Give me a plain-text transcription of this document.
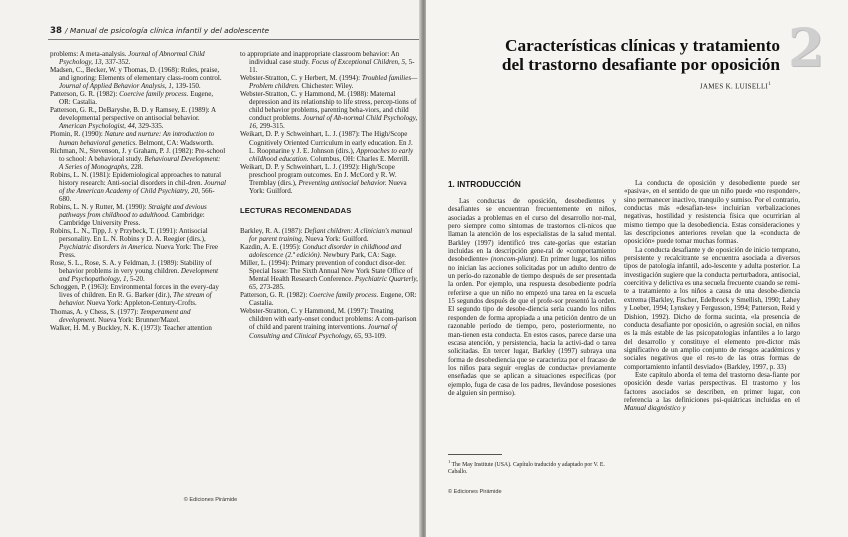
38 / Manual de psicología clínica infantil y del adolescente

problems: A meta-analysis. Journal of Abnormal Child Psychology, 13, 337-352.

Madsen, C., Becker, W. y Thomas, D. (1968): Rules, praise, and ignoring: Elements of elementary class-room control. Journal of Applied Behavior Analysis, 1, 139-150.

Patterson, G. R. (1982): Coercive family process. Eugene, OR: Castalia.

Patterson, G. R., DeBaryshe, B. D. y Ramsey, E. (1989): A developmental perspective on antisocial behavior. American Psychologist, 44, 329-335.

Plomin, R. (1990): Nature and nurture: An introduction to human behavioral genetics. Belmont, CA: Wadsworth.

Richman, N., Stevenson, J. y Graham, P. J. (1982): Pre-school to school: A behavioral study. Behavioural Development: A Series of Monographs, 228.

Robins, L. N. (1981): Epidemiological approaches to natural history research: Anti-social disorders in chil-dren. Journal of the American Academy of Child Psychiatry, 20, 566-680.

Robins, L. N. y Rutter, M. (1990): Straight and devious pathways from childhood to adulthood. Cambridge: Cambridge University Press.

Robins, L. N., Tipp, J. y Przybeck, T. (1991): Antisocial personality. En L. N. Robins y D. A. Reegier (dirs.), Psychiatric disorders in America. Nueva York: The Free Press.

Rose, S. L., Rose, S. A. y Feldman, J. (1989): Stability of behavior problems in very young children. Development and Psychopathology, 1, 5-20.

Schoggen, P. (1963): Environmental forces in the every-day lives of children. En R. G. Barker (dir.), The stream of behavior. Nueva York: Appleton-Century-Crofts.

Thomas, A. y Chess, S. (1977): Temperament and development. Nueva York: Brunner/Mazel.

Walker, H. M. y Buckley, N. K. (1973): Teacher attention

to appropriate and inappropriate classroom behavior: An individual case study. Focus of Exceptional Children, 5, 5-11.

Webster-Stratton, C. y Herbert, M. (1994): Troubled families—Problem children. Chichester: Wiley.

Webster-Stratton, C. y Hammond, M. (1988): Maternal depression and its relationship to life stress, percep-tions of child behavior problems, parenting beha-viors, and child conduct problems. Journal of Ab-normal Child Psychology, 16, 299-315.

Weikart, D. P. y Schweinhart, L. J. (1987): The High/Scope Cognitively Oriented Curriculum in early education. En J. L. Roopnarine y J. E. Johnson (dirs.), Approaches to early childhood education. Columbus, OH: Charles E. Merrill.

Weikart, D. P. y Schweinhart, L. J. (1992): High/Scope preschool program outcomes. En J. McCord y R. W. Tremblay (dirs.), Preventing antisocial behavior. Nueva York: Guilford.

LECTURAS RECOMENDADAS

Barkley, R. A. (1987): Defiant children: A clinician's manual for parent training, Nueva York: Guilford.

Kazdin, A. E. (1995): Conduct disorder in childhood and adolescence (2.ª edición). Newbury Park, CA: Sage.

Miller, L. (1994): Primary prevention of conduct disor-der. Special Issue: The Sixth Annual New York State Office of Mental Health Research Conference. Psychiatric Quarterly, 65, 273-285.

Patterson, G. R. (1982): Coercive family process. Eugene, OR: Castalia.

Webster-Stratton, C. y Hammond, M. (1997): Treating children with early-onset conduct problems: A com-parison of child and parent training interventions. Journal of Consulting and Clinical Psychology, 65, 93-109.

© Ediciones Pirámide
Características clínicas y tratamiento
del trastorno desafiante por oposición 2
JAMES K. LUISELLI$^1$
1. INTRODUCCIÓN

Las conductas de oposición, desobedientes y desafiantes se encuentran frecuentemente en niños, asociadas a problemas en el curso del desarrollo nor-mal, pero siempre como síntomas de trastornos clí-nicos que llaman la atención de los especialistas de la salud mental. Barkley (1997) identificó tres cate-gorías que estarían incluidas en la descripción gene-ral de «comportamiento desobediente» (noncom-pliant). En primer lugar, los niños no inician las acciones solicitadas por un adulto dentro de un perío-do razonable de tiempo después de ser presentada la orden. Por ejemplo, una respuesta desobediente podría referirse a que un niño no empezó una tarea en la escuela 15 segundos después de que el profe-sor presentó la orden. El segundo tipo de desobe-diencia sería cuando los niños responden de forma apropiada a una petición dentro de un razonable período de tiempo, pero, posteriormente, no man-tienen esta conducta. En estos casos, parece darse una escasa atención, y persistencia, hacia la activi-dad o tarea solicitadas. En tercer lugar, Barkley (1997) subraya una forma de desobediencia que se caracteriza por el fracaso de los niños para seguir «reglas de conducta» previamente enseñadas que se aplican a situaciones específicas (por ejemplo, fuga de casa de los padres, llevándose posesiones de alguien sin permiso).

La conducta de oposición y desobediente puede ser «pasiva», en el sentido de que un niño puede «no responder», sino permanecer inactivo, tranquilo y sumiso. Por el contrario, conductas más «desafian-tes» incluirían verbalizaciones negativas, hostilidad y resistencia física que ocurrirían al mismo tiempo que la desobediencia. Estas consideraciones y las descripciones anteriores revelan que la «conducta de oposición» puede tomar muchas formas.

La conducta desafiante y de oposición de inicio temprano, persistente y recalcitrante se encuentra asociada a diversos tipos de patología infantil, ado-lescente y adulta posterior. La investigación sugiere que la conducta perturbadora, antisocial, coercitiva y delictiva es una secuela frecuente cuando se remi-te a tratamiento a los niños a causa de una desobe-diencia extrema (Barkley, Fischer, Edelbrock y Smellish, 1990; Lahey y Loeber, 1994; Lynskey y Fergusson, 1994; Patterson, Reid y Dishion, 1992). Dicho de forma sucinta, «la presencia de conducta desafiante por oposición, o agresión social, en niños es la más estable de las psicopatologías infantiles a lo largo del desarrollo y constituye el elemento pre-dictor más significativo de un amplio conjunto de riesgos académicos y sociales negativos que el res-to de las otras formas de comportamiento infantil desviado» (Barkley, 1997, p. 33)

Este capítulo aborda el tema del trastorno desa-fiante por oposición desde varias perspectivas. El trastorno y los factores asociados se describen, en primer lugar, con referencia a las definiciones psi-quiátricas incluidas en el Manual diagnóstico y

$^1$ The May Institute (USA). Capítulo traducido y adaptado por V. E. Caballo.
© Ediciones Pirámide
